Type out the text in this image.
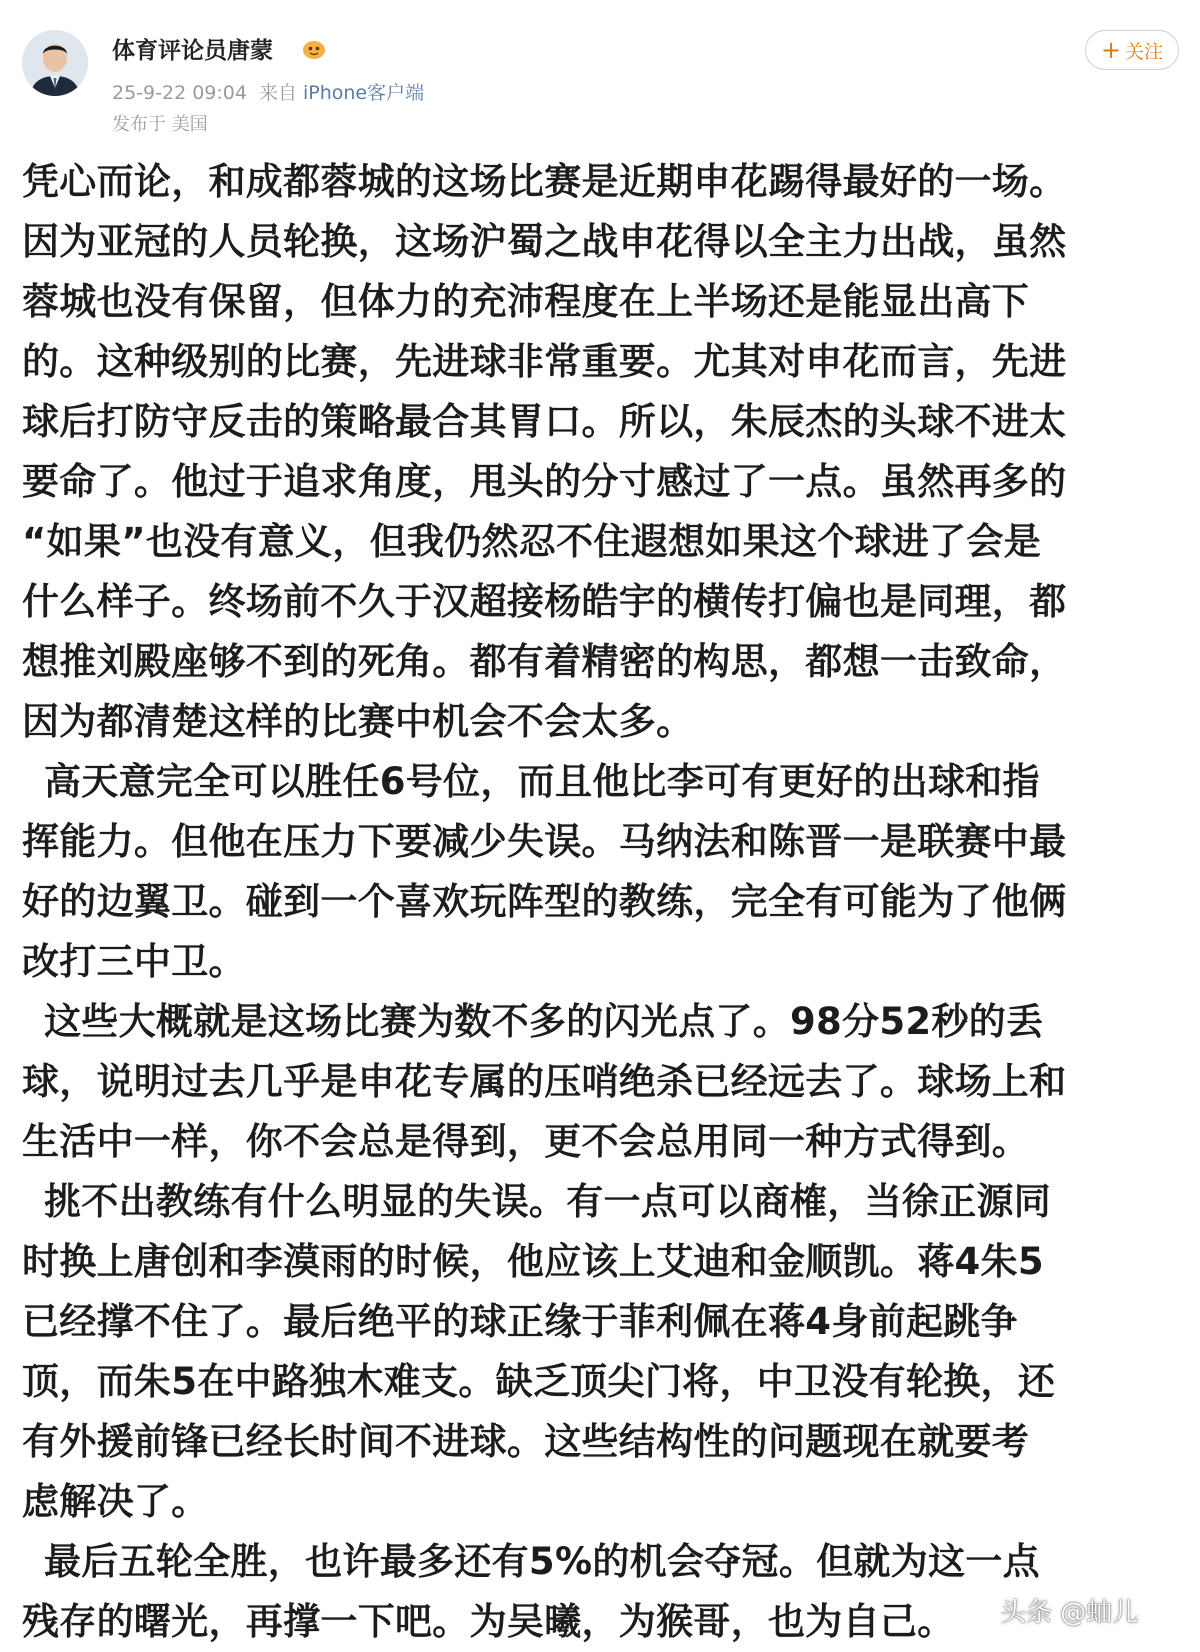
体育评论员唐蒙
25-9-22 09:04 来自 iPhone客户端
发布于 美国
+ 关注
凭心而论，和成都蓉城的这场比赛是近期申花踢得最好的一场。
因为亚冠的人员轮换，这场沪蜀之战申花得以全主力出战，虽然
蓉城也没有保留，但体力的充沛程度在上半场还是能显出高下
的。这种级别的比赛，先进球非常重要。尤其对申花而言，先进
球后打防守反击的策略最合其胃口。所以，朱辰杰的头球不进太
要命了。他过于追求角度，甩头的分寸感过了一点。虽然再多的
“如果”也没有意义，但我仍然忍不住遐想如果这个球进了会是
什么样子。终场前不久于汉超接杨皓宇的横传打偏也是同理，都
想推刘殿座够不到的死角。都有着精密的构思，都想一击致命，
因为都清楚这样的比赛中机会不会太多。
高天意完全可以胜任6号位，而且他比李可有更好的出球和指
挥能力。但他在压力下要减少失误。马纳法和陈晋一是联赛中最
好的边翼卫。碰到一个喜欢玩阵型的教练，完全有可能为了他俩
改打三中卫。
这些大概就是这场比赛为数不多的闪光点了。98分52秒的丢
球，说明过去几乎是申花专属的压哨绝杀已经远去了。球场上和
生活中一样，你不会总是得到，更不会总用同一种方式得到。
挑不出教练有什么明显的失误。有一点可以商榷，当徐正源同
时换上唐创和李漠雨的时候，他应该上艾迪和金顺凯。蒋4朱5
已经撑不住了。最后绝平的球正缘于菲利佩在蒋4身前起跳争
顶，而朱5在中路独木难支。缺乏顶尖门将，中卫没有轮换，还
有外援前锋已经长时间不进球。这些结构性的问题现在就要考
虑解决了。
最后五轮全胜，也许最多还有5%的机会夺冠。但就为这一点
残存的曙光，再撑一下吧。为吴曦，为猴哥，也为自己。	头条 @蚰儿
